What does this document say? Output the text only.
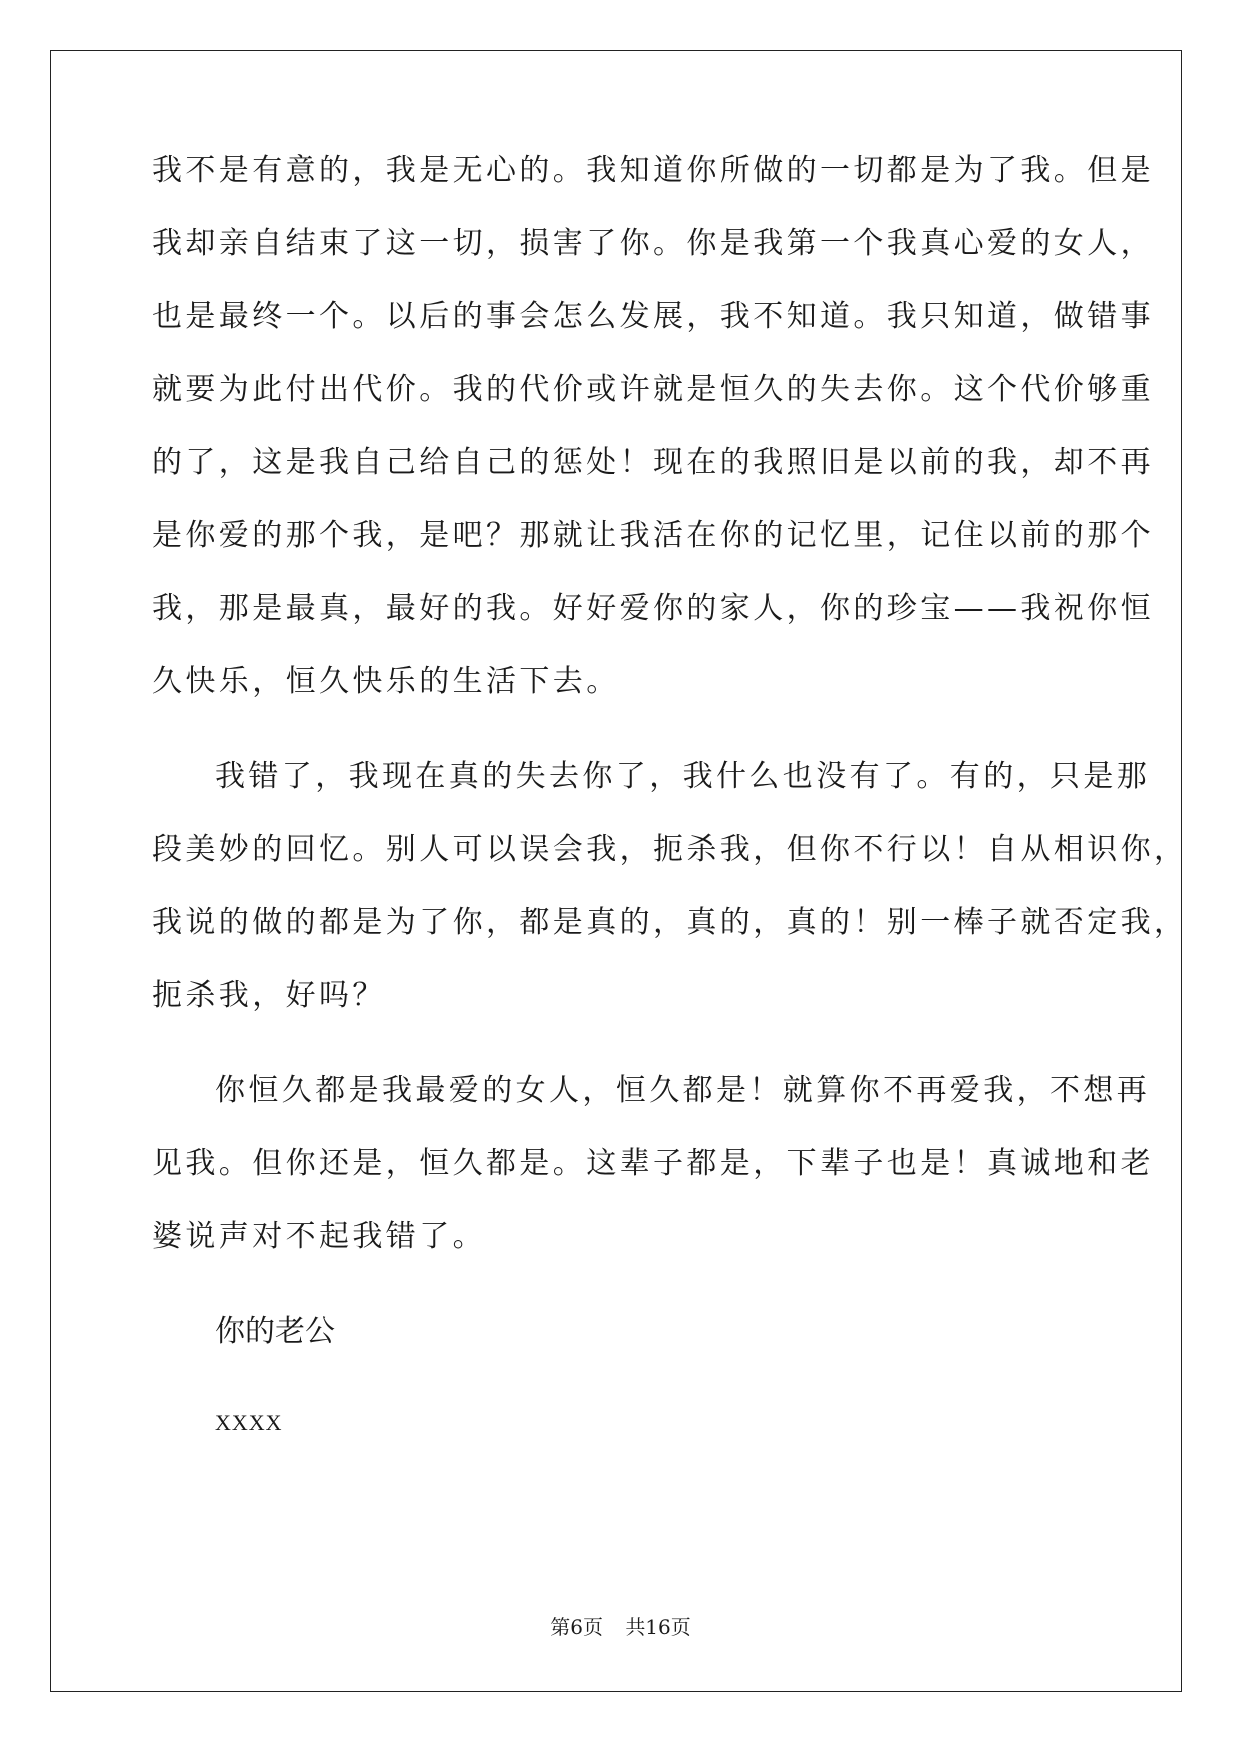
我不是有意的，我是无心的。我知道你所做的一切都是为了我。但是
我却亲自结束了这一切，损害了你。你是我第一个我真心爱的女人，
也是最终一个。以后的事会怎么发展，我不知道。我只知道，做错事
就要为此付出代价。我的代价或许就是恒久的失去你。这个代价够重
的了，这是我自己给自己的惩处！现在的我照旧是以前的我，却不再
是你爱的那个我，是吧？那就让我活在你的记忆里，记住以前的那个
我，那是最真，最好的我。好好爱你的家人，你的珍宝——我祝你恒
久快乐，恒久快乐的生活下去。
我错了，我现在真的失去你了，我什么也没有了。有的，只是那
段美妙的回忆。别人可以误会我，扼杀我，但你不行以！自从相识你，
我说的做的都是为了你，都是真的，真的，真的！别一棒子就否定我，
扼杀我，好吗？
你恒久都是我最爱的女人，恒久都是！就算你不再爱我，不想再
见我。但你还是，恒久都是。这辈子都是，下辈子也是！真诚地和老
婆说声对不起我错了。
你的老公
XXXX
第6页 共16页
